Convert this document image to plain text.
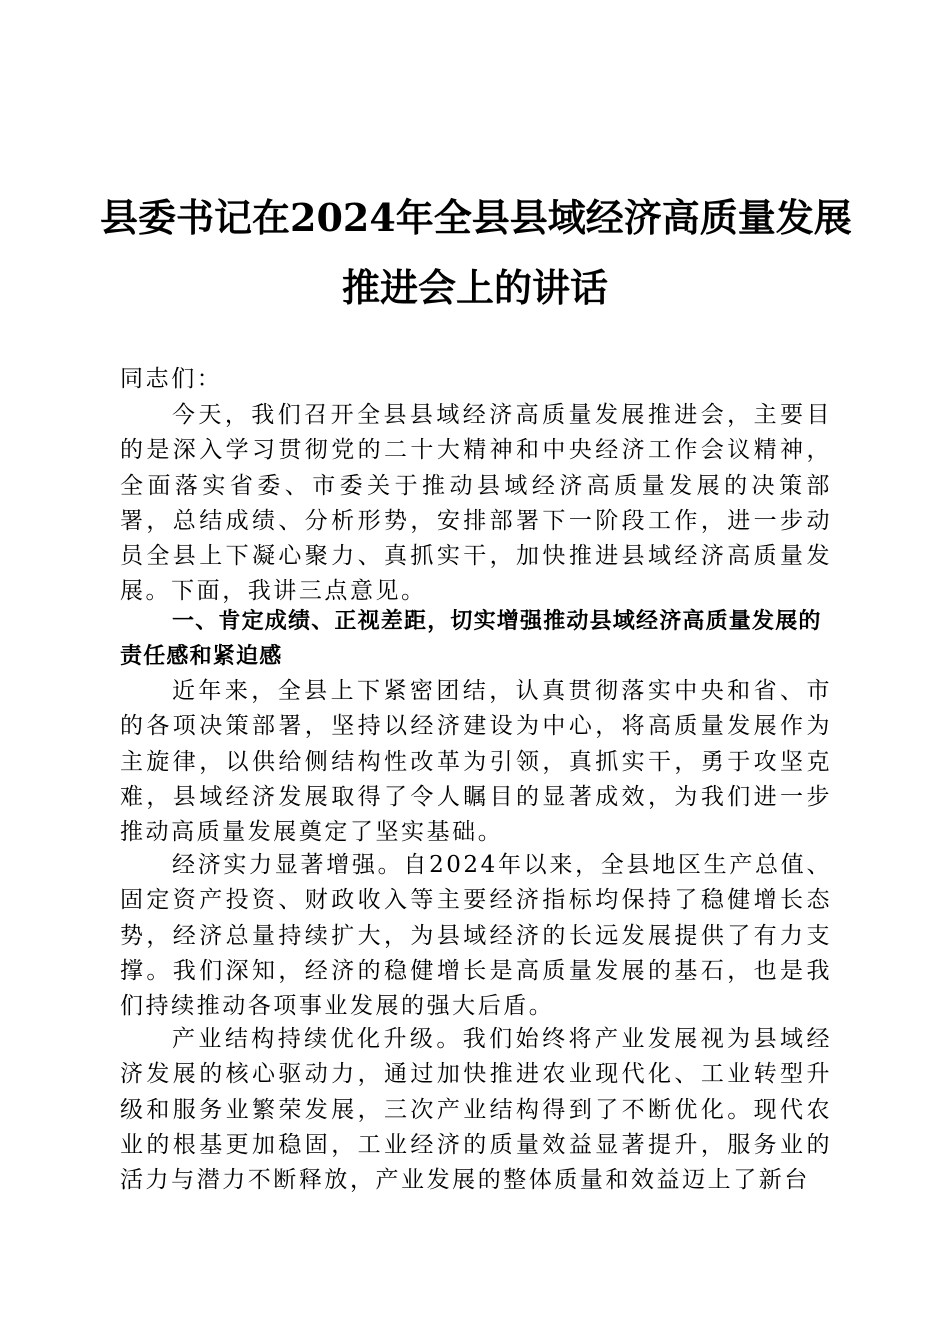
县委书记在2024年全县县域经济高质量发展
推进会上的讲话
同志们：

今天，我们召开全县县域经济高质量发展推进会，主要目的是深入学习贯彻党的二十大精神和中央经济工作会议精神，全面落实省委、市委关于推动县域经济高质量发展的决策部署，总结成绩、分析形势，安排部署下一阶段工作，进一步动员全县上下凝心聚力、真抓实干，加快推进县域经济高质量发展。下面，我讲三点意见。

一、肯定成绩、正视差距，切实增强推动县域经济高质量发展的责任感和紧迫感

近年来，全县上下紧密团结，认真贯彻落实中央和省、市的各项决策部署，坚持以经济建设为中心，将高质量发展作为主旋律，以供给侧结构性改革为引领，真抓实干，勇于攻坚克难，县域经济发展取得了令人瞩目的显著成效，为我们进一步推动高质量发展奠定了坚实基础。

经济实力显著增强。自2024年以来，全县地区生产总值、固定资产投资、财政收入等主要经济指标均保持了稳健增长态势，经济总量持续扩大，为县域经济的长远发展提供了有力支撑。我们深知，经济的稳健增长是高质量发展的基石，也是我们持续推动各项事业发展的强大后盾。

产业结构持续优化升级。我们始终将产业发展视为县域经济发展的核心驱动力，通过加快推进农业现代化、工业转型升级和服务业繁荣发展，三次产业结构得到了不断优化。现代农业的根基更加稳固，工业经济的质量效益显著提升，服务业的活力与潜力不断释放，产业发展的整体质量和效益迈上了新台
